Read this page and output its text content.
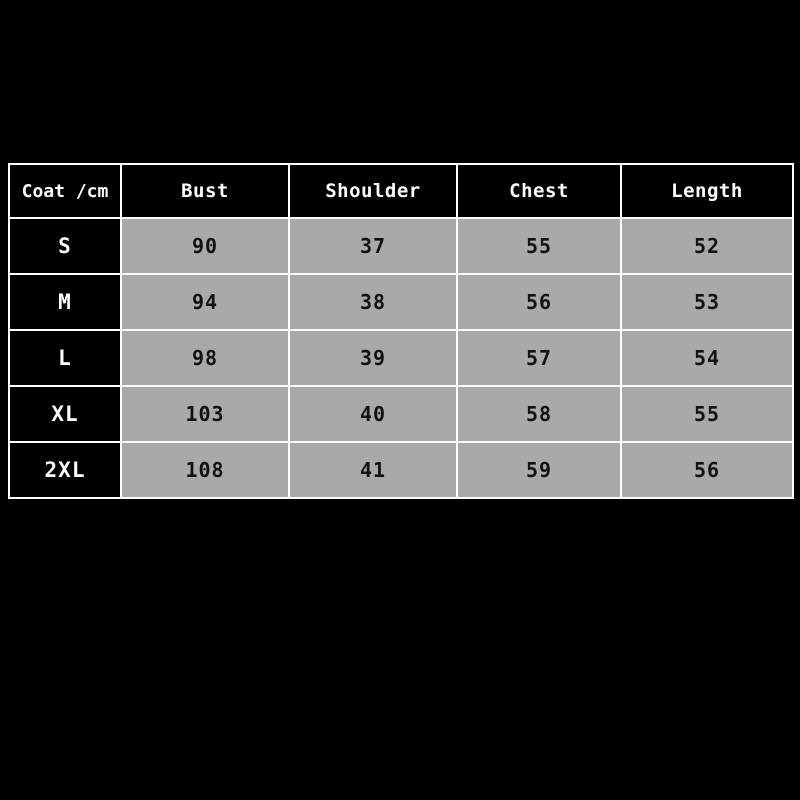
Coat /cm	Bust	Shoulder	Chest	Length
S	90	37	55	52
M	94	38	56	53
L	98	39	57	54
XL	103	40	58	55
2XL	108	41	59	56
